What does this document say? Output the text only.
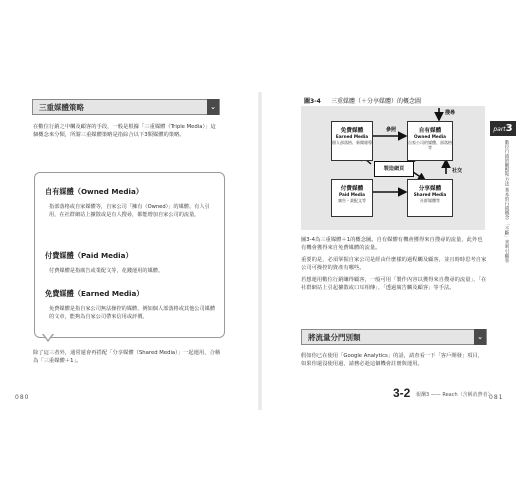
三重媒體策略	⌄

在數位行銷之中觸及顧客的手段，一般是根據「三重媒體（Triple Media）」這個概念來分類，所謂三重媒體策略是指綜合以下3類媒體的策略。

自有媒體（Owned Media）
指部落格或自家媒體等，自家公司「擁有（Owned）」的媒體。有人引用，在社群網站上擴散或是有人搜尋，都能增加自家公司的流量。
付費媒體（Paid Media）
付費媒體是指廣告或業配文等，花錢運用的媒體。
免費媒體（Earned Media）
免費媒體是指自家公司無法操控的媒體，例如個人部落格或其他公司媒體的文章，能夠為自家公司帶來信用或評價。

除了這三者外，通常還會再搭配「分享媒體（Shared Media）」一起運用，合稱為「三重媒體＋1」。

080
圖3-4 三重媒體（＋分享媒體）的概念圖
免費媒體
Earned Media
個人部落格、新聞報導
自有媒體
Owned Media
自家公司的媒體、部落格等
付費媒體
Paid Media
廣告・業配文等
分享媒體
Shared Media
社群媒體等
製造網頁
搜尋
參照
社交

圖3-4為三重媒體＋1的概念圖。自有媒體有機會獲得來自搜尋的流量，此外也有機會獲得來自免費媒體的流量。

重要的是，必須掌握自家公司是經由什麼樣的過程觸及顧客，並且時時思考自家公司可操控的資產有哪些。

若想運用數位行銷賺得顧客，一般可用「製作內容以獲得來自搜尋的流量」、「在社群網站上引起擴散或口耳相傳」、「透過廣告觸及顧客」等手法。

將流量分門別類	⌄

假如你已在使用「Google Analytics」的話，請查看一下「客戶開發」項目，如果你還沒使用過，請務必趁這個機會註冊與運用。

3-2 報酬3 —— Reach（含稱消費者）
081
part3
數位行銷的觀點和方法 基本的行銷概念 「不斷」來吸引顧客
